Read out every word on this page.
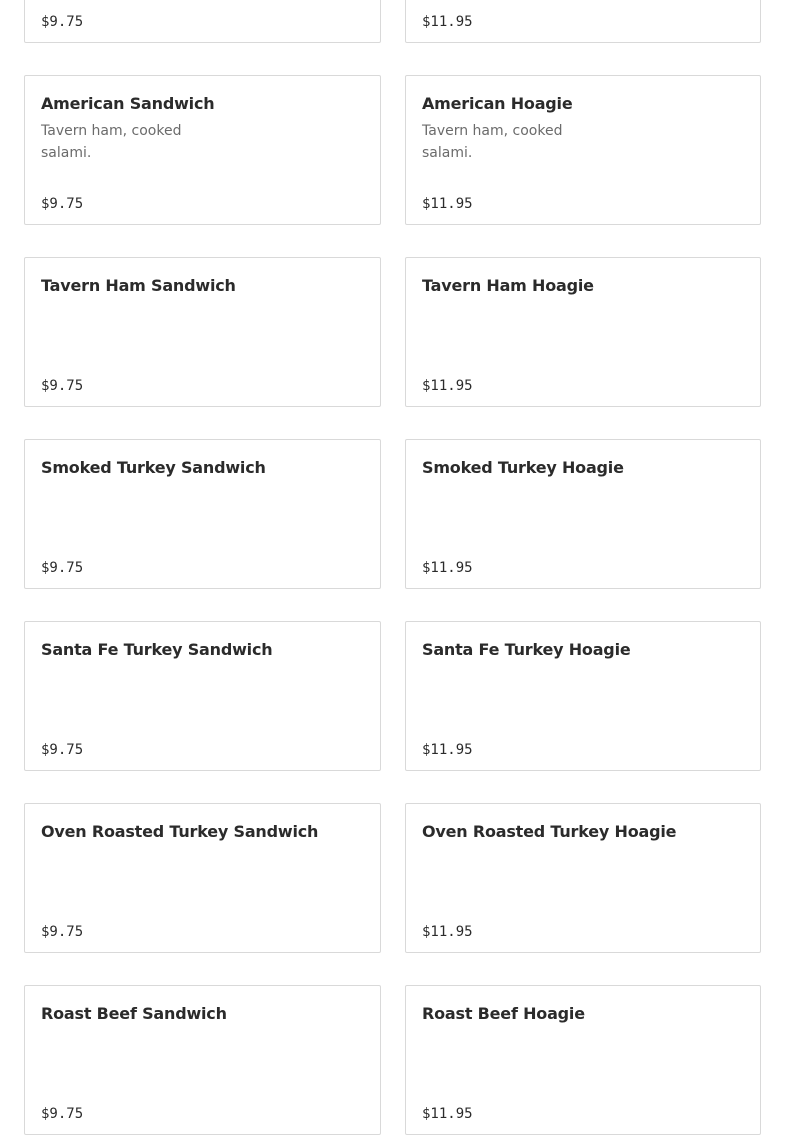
$9.75	$11.95
American Sandwich
Tavern ham, cooked salami.
$9.75
American Hoagie
Tavern ham, cooked salami.
$11.95
Tavern Ham Sandwich
$9.75
Tavern Ham Hoagie
$11.95
Smoked Turkey Sandwich
$9.75
Smoked Turkey Hoagie
$11.95
Santa Fe Turkey Sandwich
$9.75
Santa Fe Turkey Hoagie
$11.95
Oven Roasted Turkey Sandwich
$9.75
Oven Roasted Turkey Hoagie
$11.95
Roast Beef Sandwich
$9.75
Roast Beef Hoagie
$11.95
